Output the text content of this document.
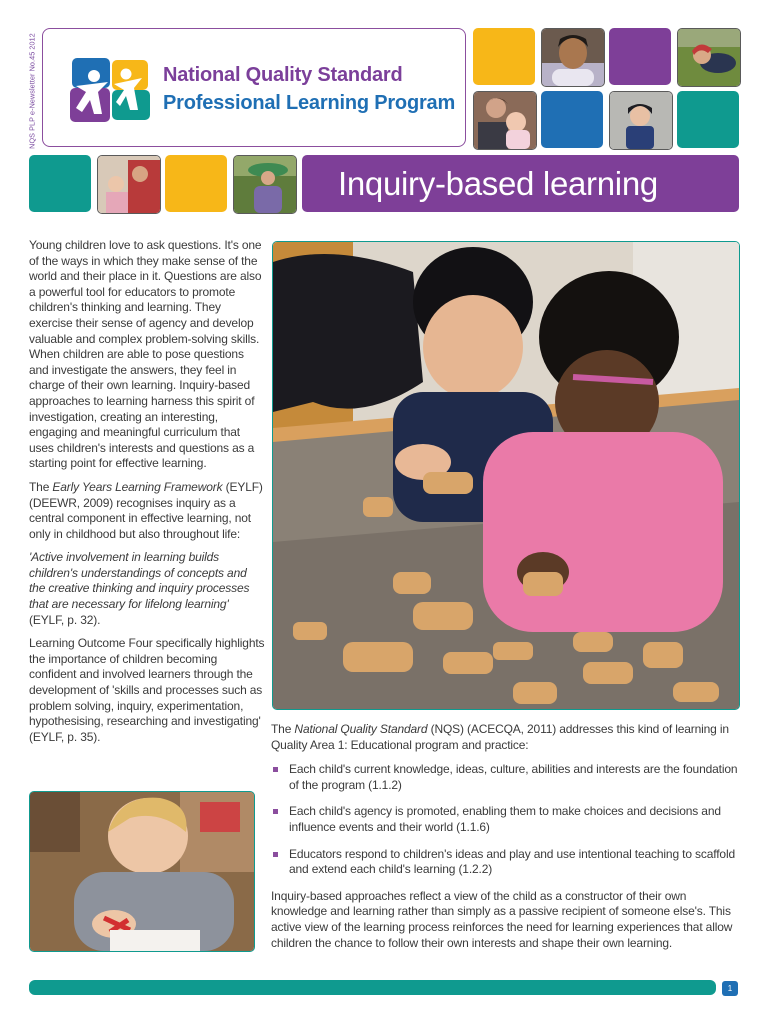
NQS PLP e-Newsletter No.45 2012	National Quality Standard
Professional Learning Program
Inquiry-based learning

Young children love to ask questions. It's one of the ways in which they make sense of the world and their place in it. Questions are also a powerful tool for educators to promote children's thinking and learning. They exercise their sense of agency and develop valuable and complex problem-solving skills. When children are able to pose questions and investigate the answers, they feel in charge of their own learning. Inquiry-based approaches to learning harness this spirit of investigation, creating an interesting, engaging and meaningful curriculum that uses children's interests and questions as a starting point for effective learning.

The Early Years Learning Framework (EYLF) (DEEWR, 2009) recognises inquiry as a central component in effective learning, not only in childhood but also throughout life:

'Active involvement in learning builds children's understandings of concepts and the creative thinking and inquiry processes that are necessary for lifelong learning'
(EYLF, p. 32).

Learning Outcome Four specifically highlights the importance of children becoming confident and involved learners through the development of 'skills and processes such as problem solving, inquiry, experimentation, hypothesising, researching and investigating' (EYLF, p. 35).

The National Quality Standard (NQS) (ACECQA, 2011) addresses this kind of learning in Quality Area 1: Educational program and practice:

Each child's current knowledge, ideas, culture, abilities and interests are the foundation of the program (1.1.2)
Each child's agency is promoted, enabling them to make choices and decisions and influence events and their world (1.1.6)
Educators respond to children's ideas and play and use intentional teaching to scaffold and extend each child's learning (1.2.2)

Inquiry-based approaches reflect a view of the child as a constructor of their own knowledge and learning rather than simply as a passive recipient of someone else's. This active view of the learning process reinforces the need for learning experiences that allow children the chance to follow their own interests and shape their own learning.

1
